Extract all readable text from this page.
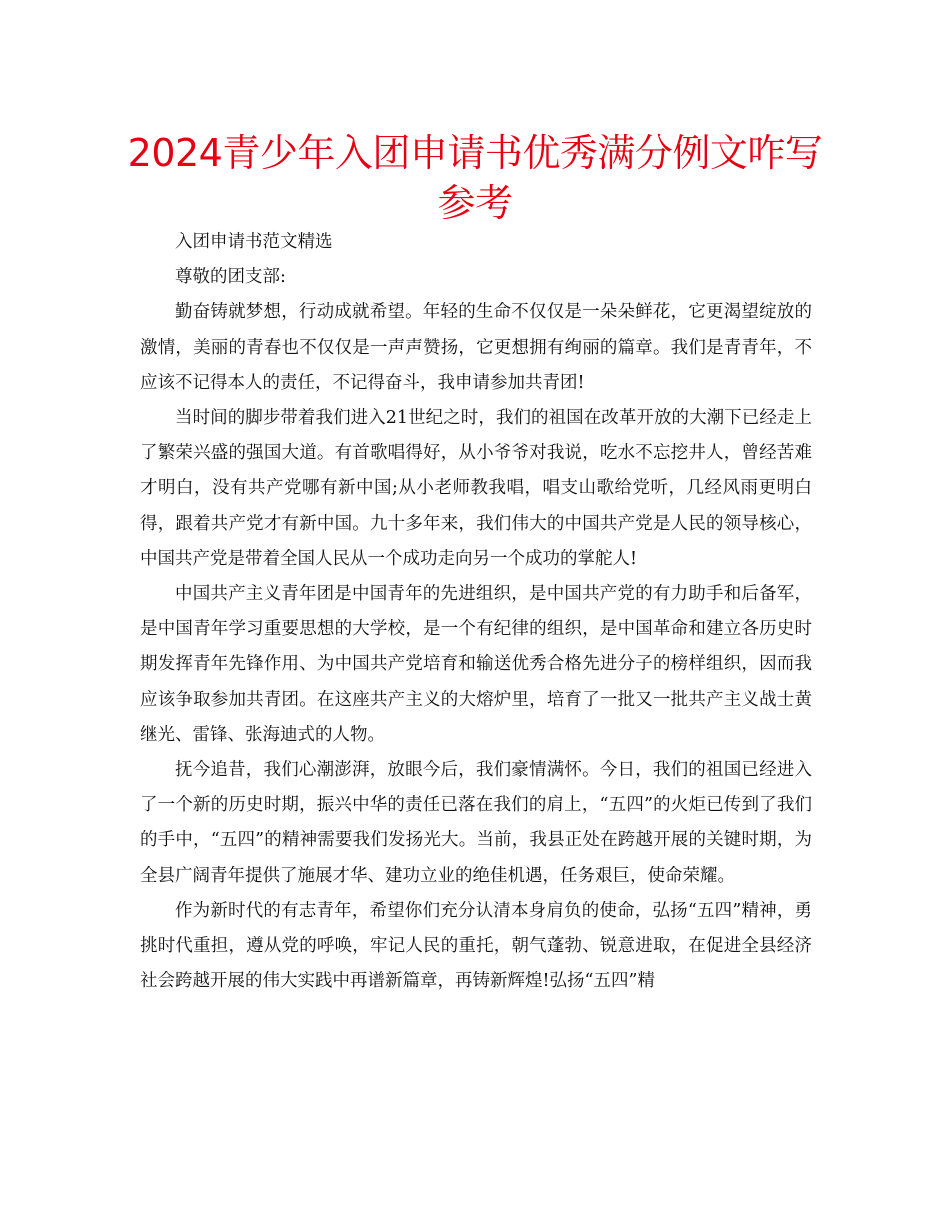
2024青少年入团申请书优秀满分例文咋写参考

入团申请书范文精选

尊敬的团支部:

勤奋铸就梦想，行动成就希望。年轻的生命不仅仅是一朵朵鲜花，它更渴望绽放的激情，美丽的青春也不仅仅是一声声赞扬，它更想拥有绚丽的篇章。我们是青青年，不应该不记得本人的责任，不记得奋斗，我申请参加共青团!

当时间的脚步带着我们进入21世纪之时，我们的祖国在改革开放的大潮下已经走上了繁荣兴盛的强国大道。有首歌唱得好，从小爷爷对我说，吃水不忘挖井人，曾经苦难才明白，没有共产党哪有新中国;从小老师教我唱，唱支山歌给党听，几经风雨更明白得，跟着共产党才有新中国。九十多年来，我们伟大的中国共产党是人民的领导核心，中国共产党是带着全国人民从一个成功走向另一个成功的掌舵人!

中国共产主义青年团是中国青年的先进组织，是中国共产党的有力助手和后备军，是中国青年学习重要思想的大学校，是一个有纪律的组织，是中国革命和建立各历史时期发挥青年先锋作用、为中国共产党培育和输送优秀合格先进分子的榜样组织，因而我应该争取参加共青团。在这座共产主义的大熔炉里，培育了一批又一批共产主义战士黄继光、雷锋、张海迪式的人物。

抚今追昔，我们心潮澎湃，放眼今后，我们豪情满怀。今日，我们的祖国已经进入了一个新的历史时期，振兴中华的责任已落在我们的肩上，“五四”的火炬已传到了我们的手中，“五四”的精神需要我们发扬光大。当前，我县正处在跨越开展的关键时期，为全县广阔青年提供了施展才华、建功立业的绝佳机遇，任务艰巨，使命荣耀。

作为新时代的有志青年，希望你们充分认清本身肩负的使命，弘扬“五四”精神，勇挑时代重担，遵从党的呼唤，牢记人民的重托，朝气蓬勃、锐意进取，在促进全县经济社会跨越开展的伟大实践中再谱新篇章，再铸新辉煌!弘扬“五四”精
